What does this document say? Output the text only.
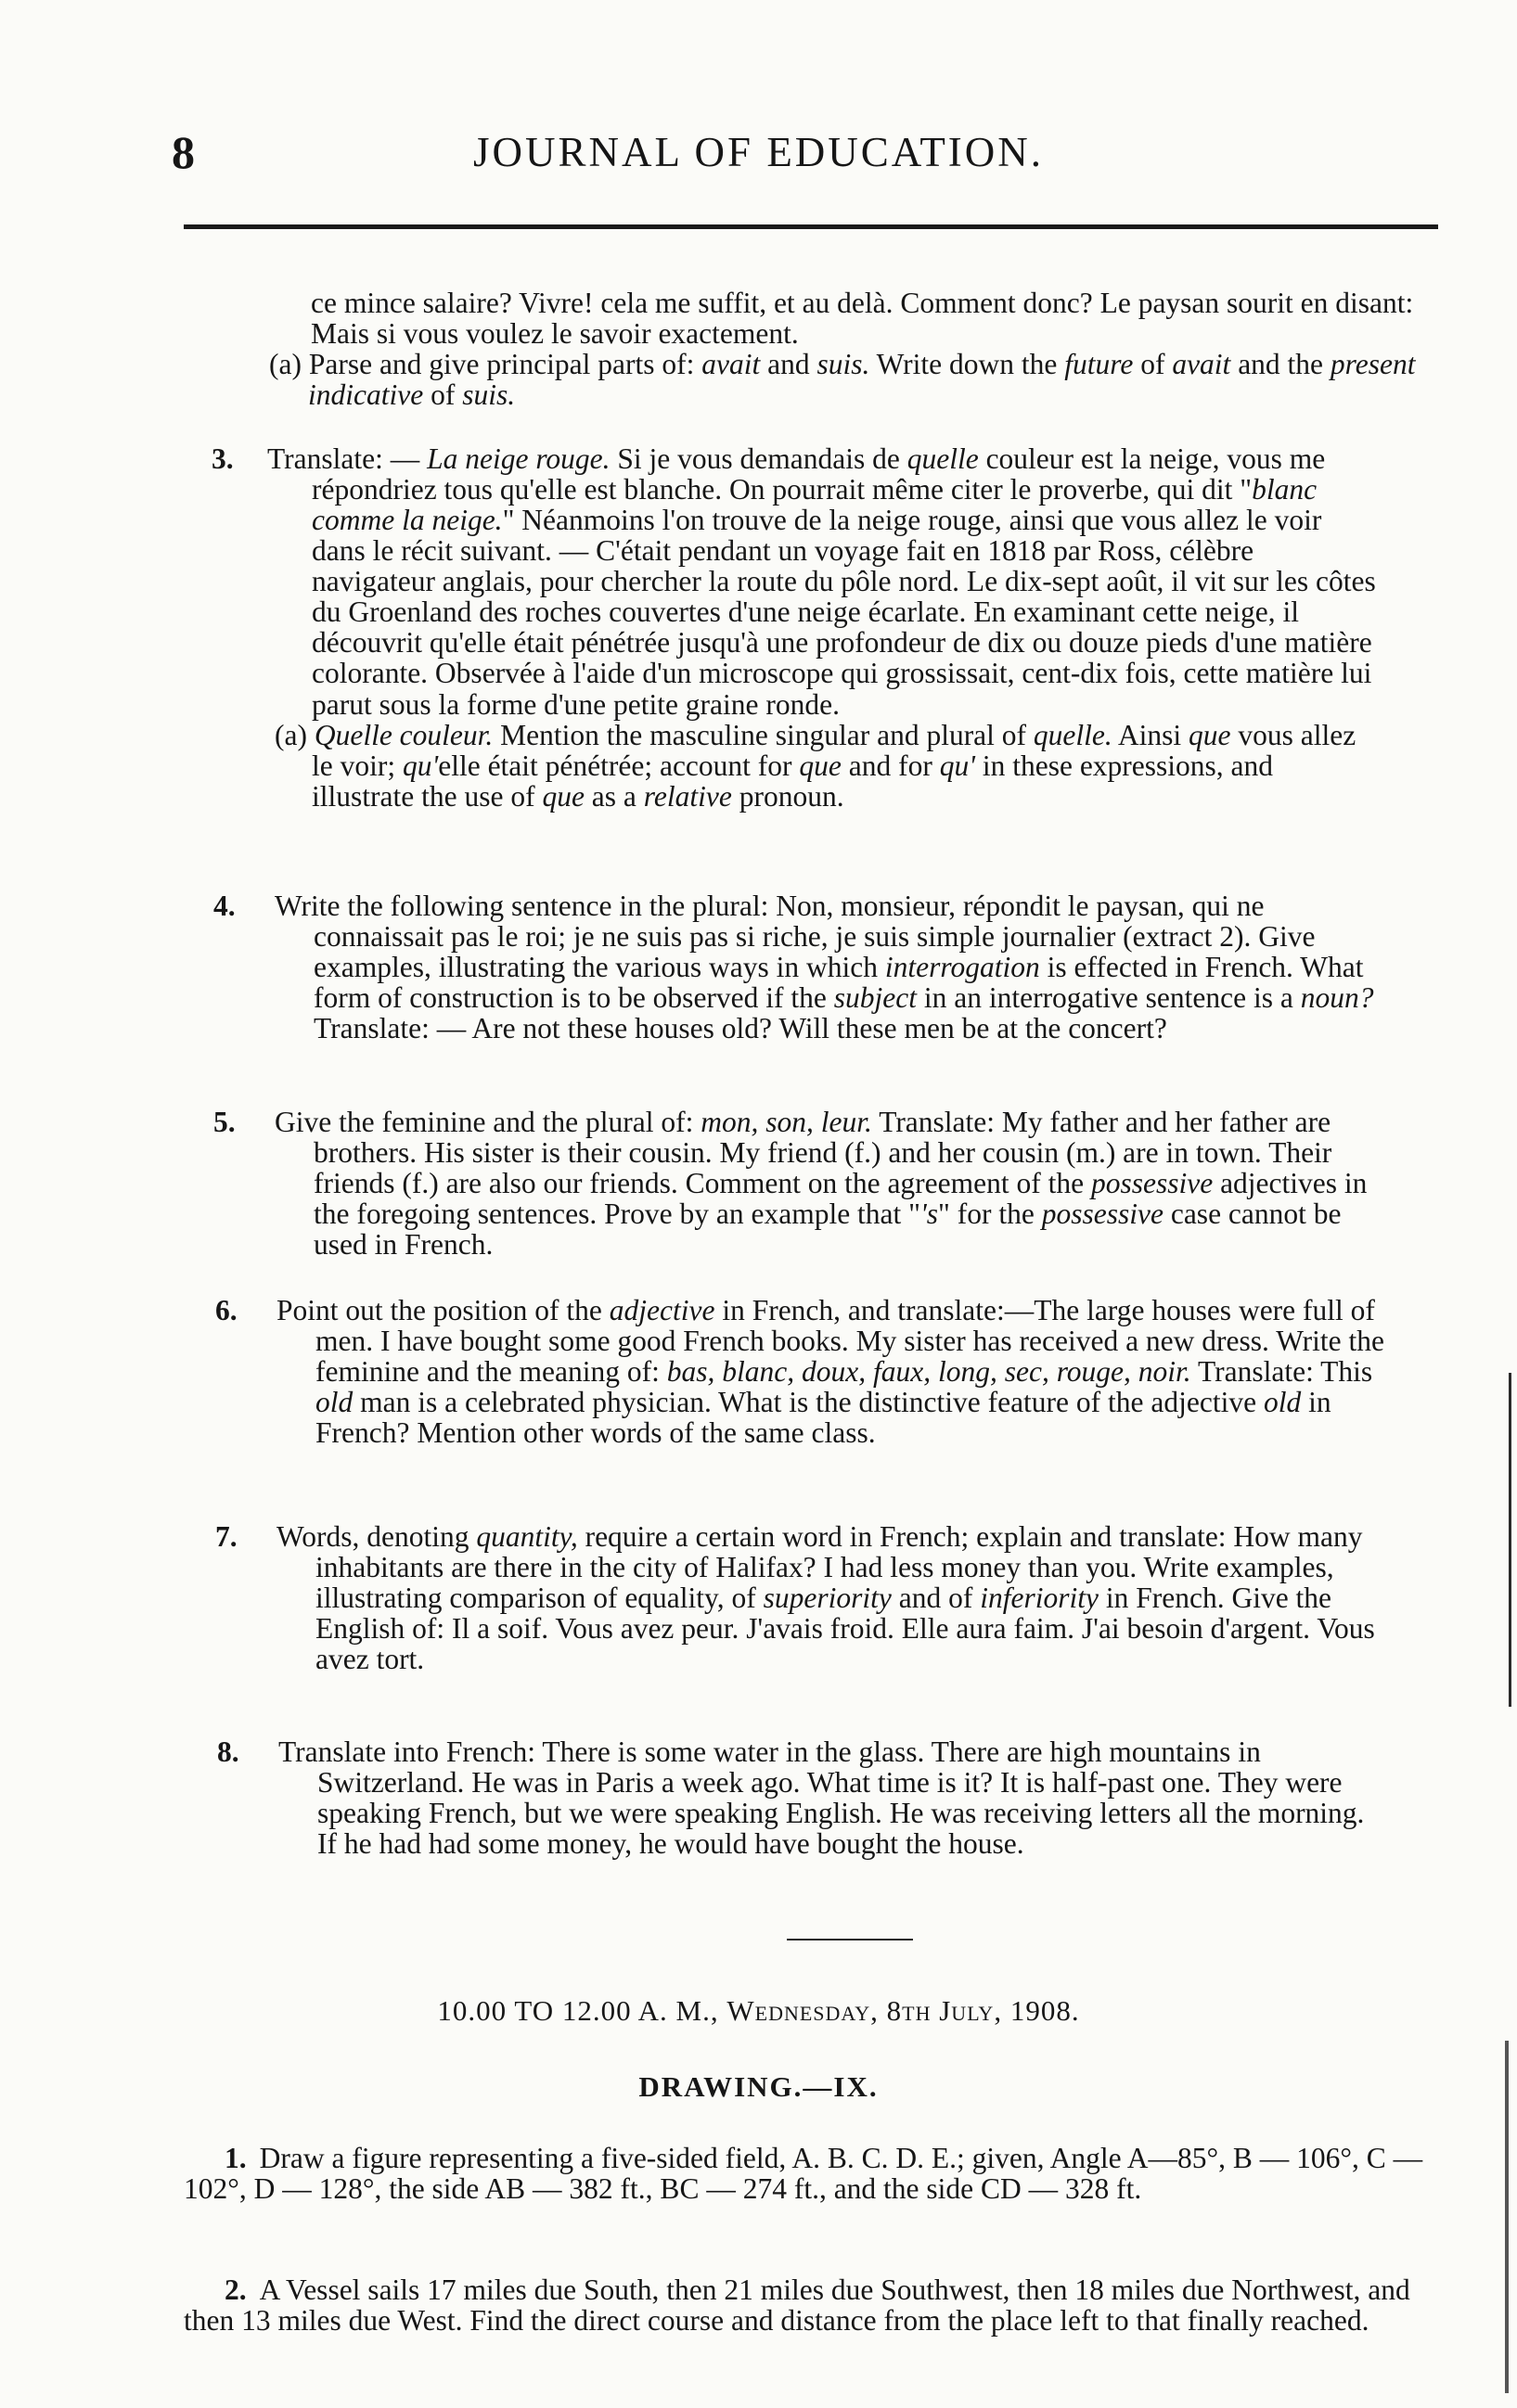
8	JOURNAL OF EDUCATION.

ce mince salaire? Vivre! cela me suffit, et au delà. Comment donc? Le paysan sourit en disant: Mais si vous voulez le savoir exactement.

(a) Parse and give principal parts of: avait and suis. Write down the future of avait and the present indicative of suis.

3. Translate: — La neige rouge. Si je vous demandais de quelle couleur est la neige, vous me répondriez tous qu'elle est blanche. On pourrait même citer le proverbe, qui dit "blanc comme la neige." Néanmoins l'on trouve de la neige rouge, ainsi que vous allez le voir dans le récit suivant. — C'était pendant un voyage fait en 1818 par Ross, célèbre navigateur anglais, pour chercher la route du pôle nord. Le dix-sept août, il vit sur les côtes du Groenland des roches couvertes d'une neige écarlate. En examinant cette neige, il découvrit qu'elle était pénétrée jusqu'à une profondeur de dix ou douze pieds d'une matière colorante. Observée à l'aide d'un microscope qui grossissait, cent-dix fois, cette matière lui parut sous la forme d'une petite graine ronde.

(a) Quelle couleur. Mention the masculine singular and plural of quelle. Ainsi que vous allez le voir; qu'elle était pénétrée; account for que and for qu' in these expressions, and illustrate the use of que as a relative pronoun.

4. Write the following sentence in the plural: Non, monsieur, répondit le paysan, qui ne connaissait pas le roi; je ne suis pas si riche, je suis simple journalier (extract 2). Give examples, illustrating the various ways in which interrogation is effected in French. What form of construction is to be observed if the subject in an interrogative sentence is a noun? Translate: — Are not these houses old? Will these men be at the concert?

5. Give the feminine and the plural of: mon, son, leur. Translate: My father and her father are brothers. His sister is their cousin. My friend (f.) and her cousin (m.) are in town. Their friends (f.) are also our friends. Comment on the agreement of the possessive adjectives in the foregoing sentences. Prove by an example that "'s" for the possessive case cannot be used in French.

6. Point out the position of the adjective in French, and translate:—The large houses were full of men. I have bought some good French books. My sister has received a new dress. Write the feminine and the meaning of: bas, blanc, doux, faux, long, sec, rouge, noir. Translate: This old man is a celebrated physician. What is the distinctive feature of the adjective old in French? Mention other words of the same class.

7. Words, denoting quantity, require a certain word in French; explain and translate: How many inhabitants are there in the city of Halifax? I had less money than you. Write examples, illustrating comparison of equality, of superiority and of inferiority in French. Give the English of: Il a soif. Vous avez peur. J'avais froid. Elle aura faim. J'ai besoin d'argent. Vous avez tort.

8. Translate into French: There is some water in the glass. There are high mountains in Switzerland. He was in Paris a week ago. What time is it? It is half-past one. They were speaking French, but we were speaking English. He was receiving letters all the morning. If he had had some money, he would have bought the house.

10.00 TO 12.00 A. M., Wednesday, 8th July, 1908.
DRAWING.—IX.
1. Draw a figure representing a five-sided field, A. B. C. D. E.; given, Angle A—85°, B — 106°, C — 102°, D — 128°, the side AB — 382 ft., BC — 274 ft., and the side CD — 328 ft.
2. A Vessel sails 17 miles due South, then 21 miles due Southwest, then 18 miles due Northwest, and then 13 miles due West. Find the direct course and distance from the place left to that finally reached.
